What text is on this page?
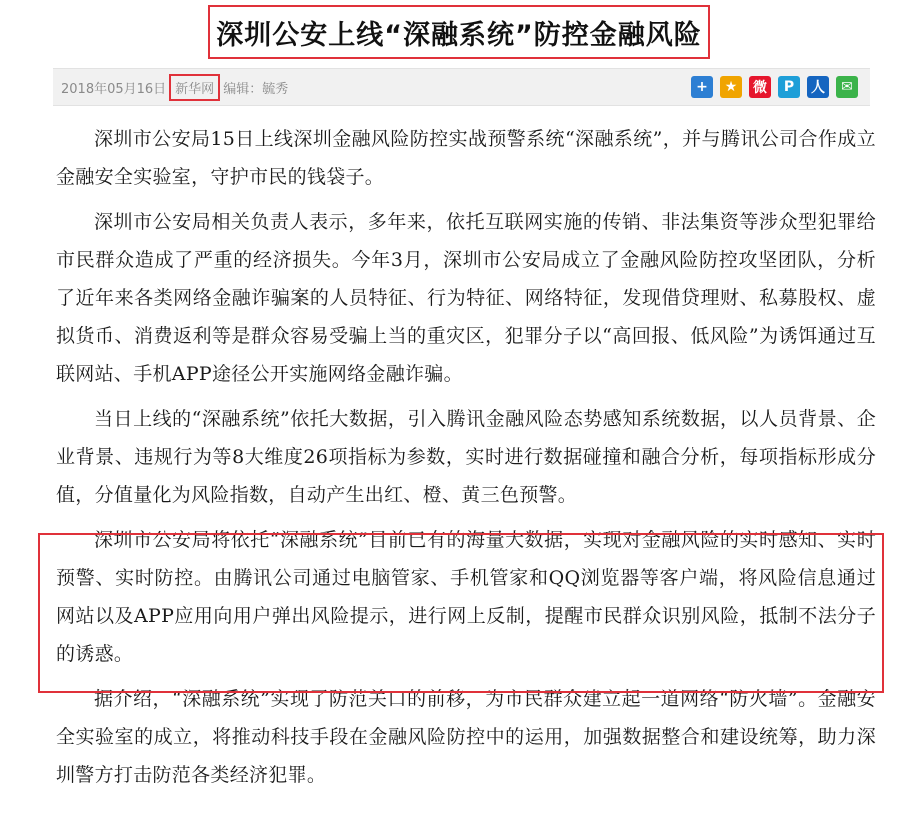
深圳公安上线“深融系统”防控金融风险
2018年05月16日 新华网 编辑：毓秀	+	★	微	P	人	✉

深圳市公安局15日上线深圳金融风险防控实战预警系统“深融系统”，并与腾讯公司合作成立金融安全实验室，守护市民的钱袋子。

深圳市公安局相关负责人表示，多年来，依托互联网实施的传销、非法集资等涉众型犯罪给市民群众造成了严重的经济损失。今年3月，深圳市公安局成立了金融风险防控攻坚团队，分析了近年来各类网络金融诈骗案的人员特征、行为特征、网络特征，发现借贷理财、私募股权、虚拟货币、消费返利等是群众容易受骗上当的重灾区，犯罪分子以“高回报、低风险”为诱饵通过互联网站、手机APP途径公开实施网络金融诈骗。

当日上线的“深融系统”依托大数据，引入腾讯金融风险态势感知系统数据，以人员背景、企业背景、违规行为等8大维度26项指标为参数，实时进行数据碰撞和融合分析，每项指标形成分值，分值量化为风险指数，自动产生出红、橙、黄三色预警。

深圳市公安局将依托“深融系统”目前已有的海量大数据，实现对金融风险的实时感知、实时预警、实时防控。由腾讯公司通过电脑管家、手机管家和QQ浏览器等客户端，将风险信息通过网站以及APP应用向用户弹出风险提示，进行网上反制，提醒市民群众识别风险，抵制不法分子的诱惑。

据介绍，“深融系统”实现了防范关口的前移，为市民群众建立起一道网络“防火墙”。金融安全实验室的成立，将推动科技手段在金融风险防控中的运用，加强数据整合和建设统筹，助力深圳警方打击防范各类经济犯罪。
